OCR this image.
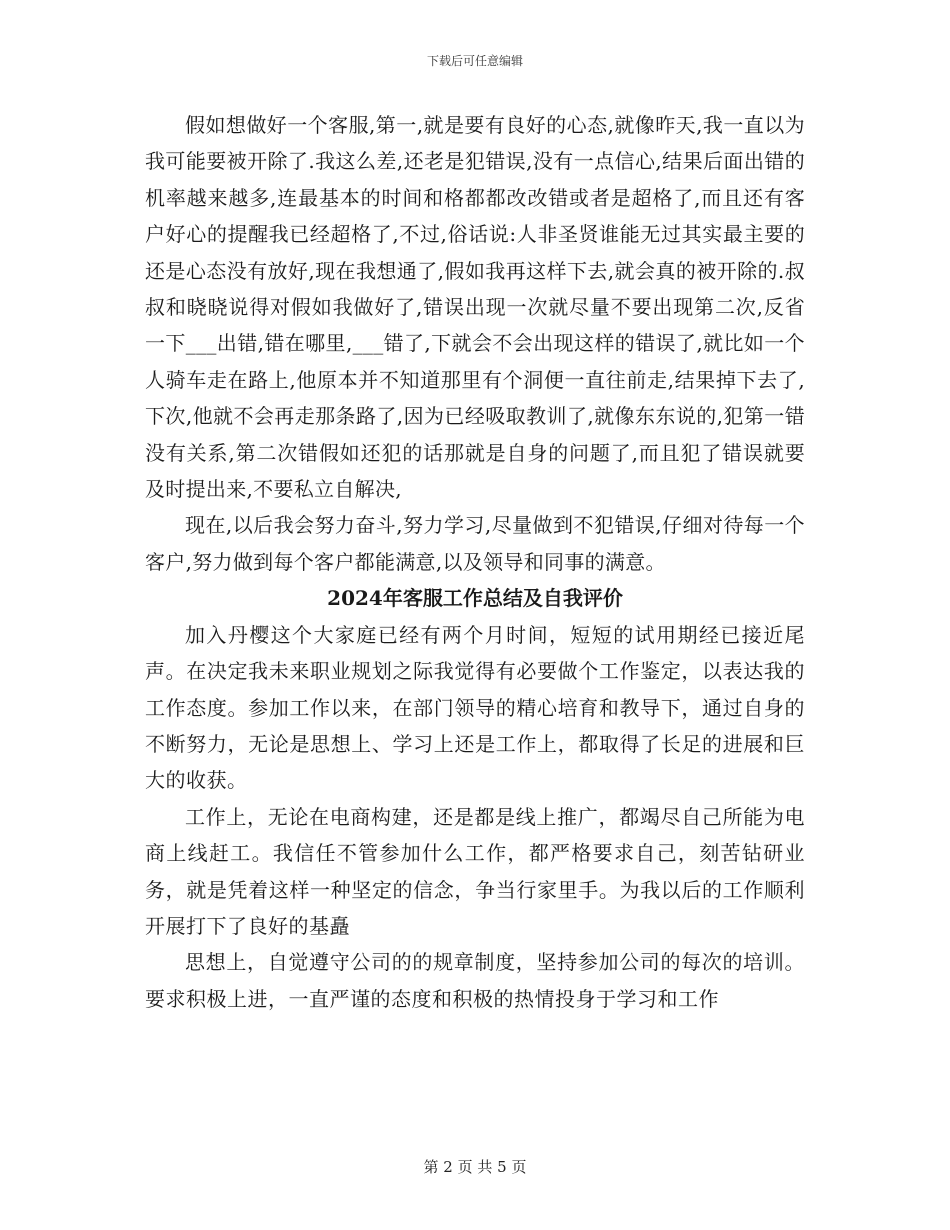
下载后可任意编辑

假如想做好一个客服,第一,就是要有良好的心态,就像昨天,我一直以为我可能要被开除了.我这么差,还老是犯错误,没有一点信心,结果后面出错的机率越来越多,连最基本的时间和格都都改改错或者是超格了,而且还有客户好心的提醒我已经超格了,不过,俗话说:人非圣贤谁能无过其实最主要的还是心态没有放好,现在我想通了,假如我再这样下去,就会真的被开除的.叔叔和晓晓说得对假如我做好了,错误出现一次就尽量不要出现第二次,反省一下___出错,错在哪里,___错了,下就会不会出现这样的错误了,就比如一个人骑车走在路上,他原本并不知道那里有个洞便一直往前走,结果掉下去了,下次,他就不会再走那条路了,因为已经吸取教训了,就像东东说的,犯第一错没有关系,第二次错假如还犯的话那就是自身的问题了,而且犯了错误就要及时提出来,不要私立自解决,

现在,以后我会努力奋斗,努力学习,尽量做到不犯错误,仔细对待每一个客户,努力做到每个客户都能满意,以及领导和同事的满意。

2024年客服工作总结及自我评价

加入丹樱这个大家庭已经有两个月时间，短短的试用期经已接近尾声。在决定我未来职业规划之际我觉得有必要做个工作鉴定，以表达我的工作态度。参加工作以来，在部门领导的精心培育和教导下，通过自身的不断努力，无论是思想上、学习上还是工作上，都取得了长足的进展和巨大的收获。

工作上，无论在电商构建，还是都是线上推广，都竭尽自己所能为电商上线赶工。我信任不管参加什么工作，都严格要求自己，刻苦钻研业务，就是凭着这样一种坚定的信念，争当行家里手。为我以后的工作顺利开展打下了良好的基矗

思想上，自觉遵守公司的的规章制度，坚持参加公司的每次的培训。要求积极上进，一直严谨的态度和积极的热情投身于学习和工作

第 2 页 共 5 页
